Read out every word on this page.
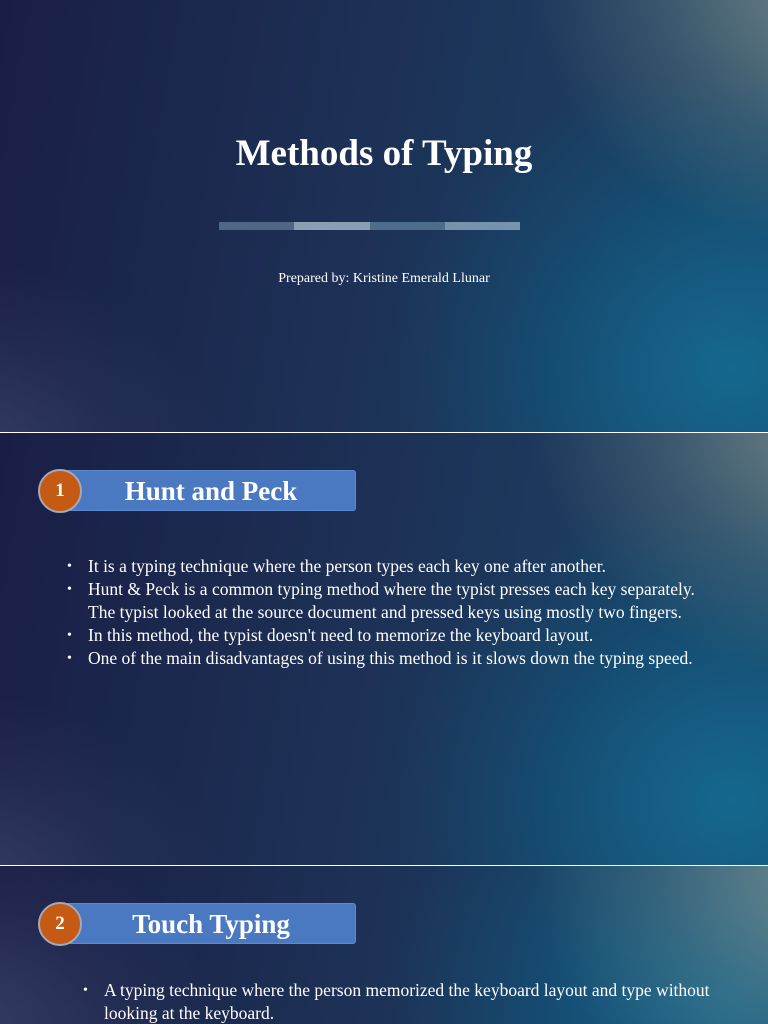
Methods of Typing
Prepared by: Kristine Emerald Llunar
Hunt and Peck
1
• It is a typing technique where the person types each key one after another.
• Hunt & Peck is a common typing method where the typist presses each key separately. The typist looked at the source document and pressed keys using mostly two fingers.
• In this method, the typist doesn't need to memorize the keyboard layout.
• One of the main disadvantages of using this method is it slows down the typing speed.
Touch Typing
2
• A typing technique where the person memorized the keyboard layout and type without looking at the keyboard.
